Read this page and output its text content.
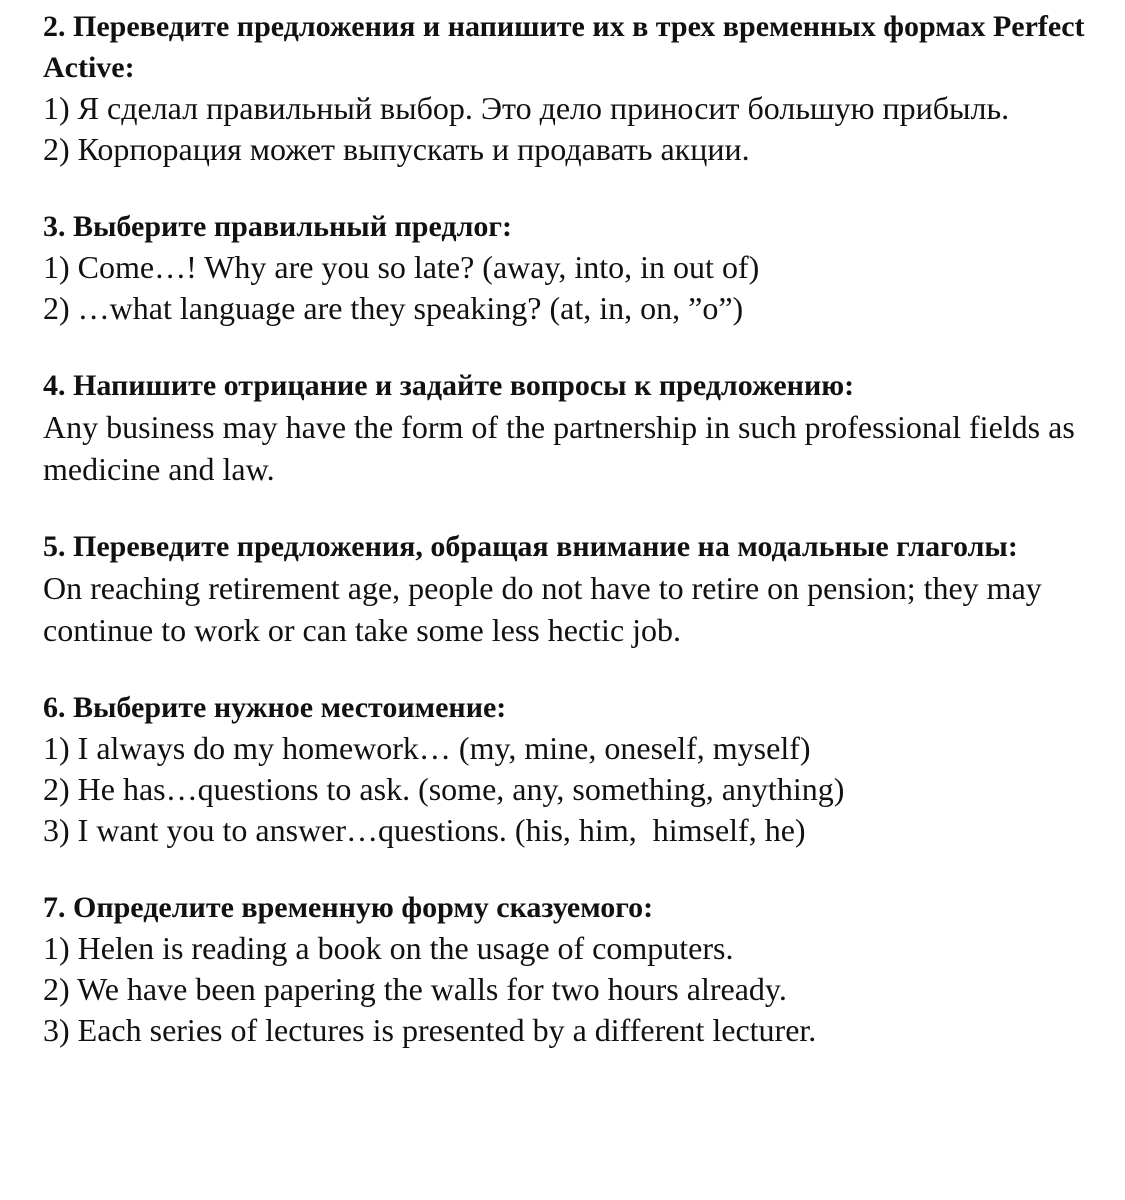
2. Переведите предложения и напишите их в трех временных формах Perfect Active:

1) Я сделал правильный выбор. Это дело приносит большую прибыль.

2) Корпорация может выпускать и продавать акции.

3. Выберите правильный предлог:

1) Come…! Why are you so late? (away, into, in out of)

2) …what language are they speaking? (at, in, on, ”o”)

4. Напишите отрицание и задайте вопросы к предложению:

Any business may have the form of the partnership in such professional fields as medicine and law.

5. Переведите предложения, обращая внимание на модальные глаголы:

On reaching retirement age, people do not have to retire on pension; they may continue to work or can take some less hectic job.

6. Выберите нужное местоимение:

1) I always do my homework… (my, mine, oneself, myself)

2) He has…questions to ask. (some, any, something, anything)

3) I want you to answer…questions. (his, him,  himself, he)

7. Определите временную форму сказуемого:

1) Helen is reading a book on the usage of computers.

2) We have been papering the walls for two hours already.

3) Each series of lectures is presented by a different lecturer.
